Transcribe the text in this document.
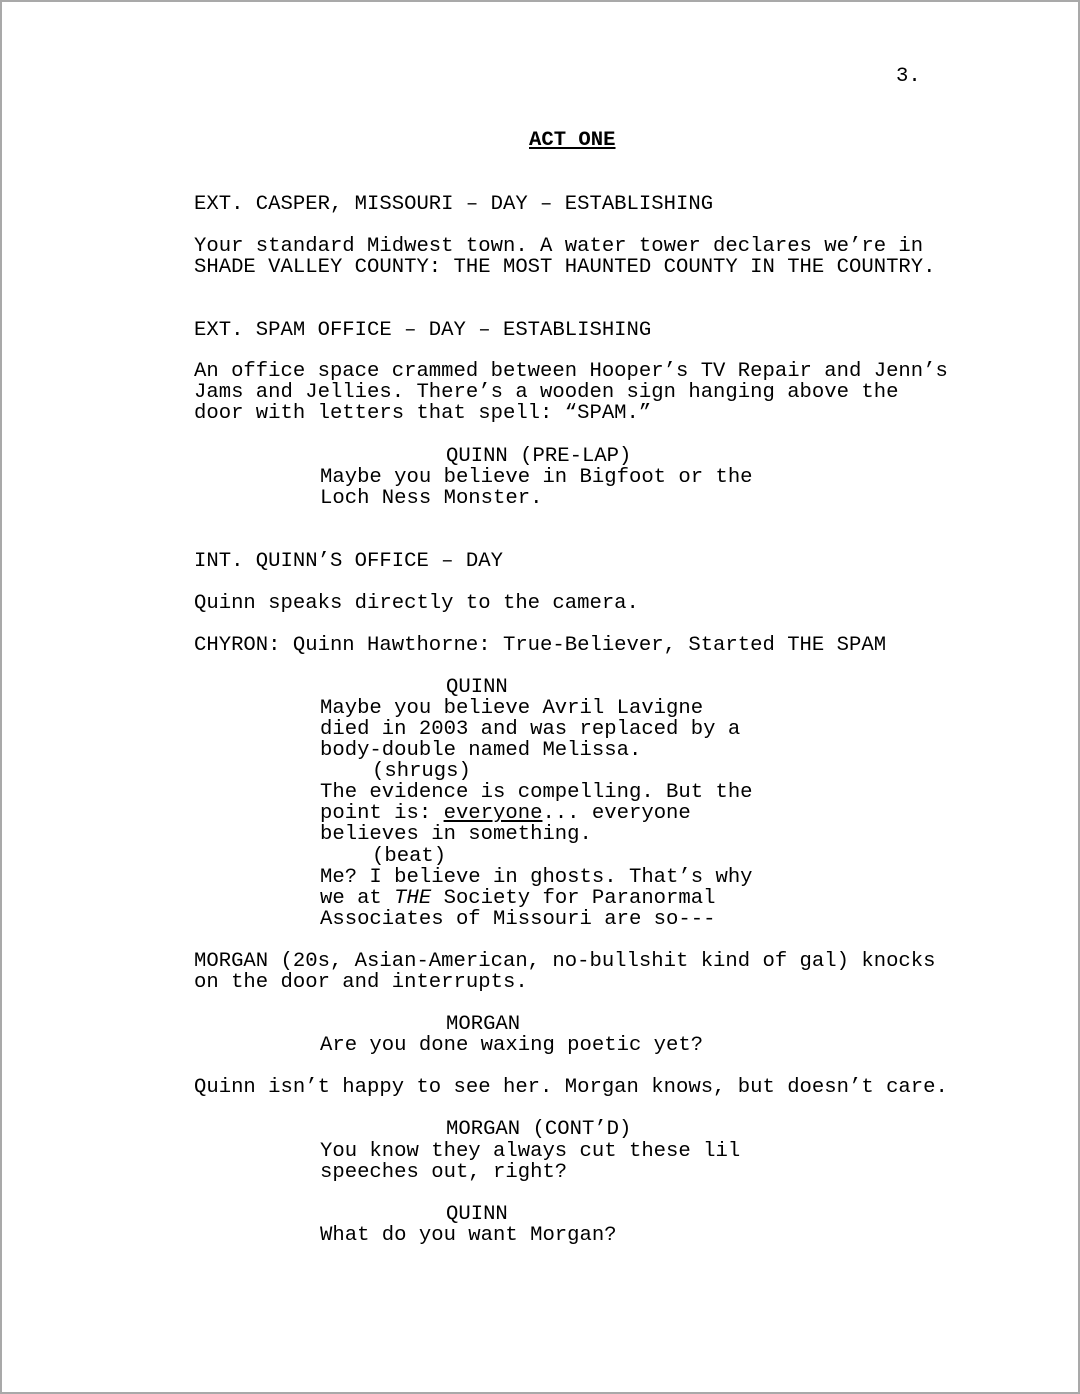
3.
ACT ONE
EXT. CASPER, MISSOURI – DAY – ESTABLISHING
Your standard Midwest town. A water tower declares we’re in
SHADE VALLEY COUNTY: THE MOST HAUNTED COUNTY IN THE COUNTRY.
EXT. SPAM OFFICE – DAY – ESTABLISHING
An office space crammed between Hooper’s TV Repair and Jenn’s
Jams and Jellies. There’s a wooden sign hanging above the
door with letters that spell: “SPAM.”
QUINN (PRE-LAP)
Maybe you believe in Bigfoot or the
Loch Ness Monster.
INT. QUINN’S OFFICE – DAY
Quinn speaks directly to the camera.
CHYRON: Quinn Hawthorne: True-Believer, Started THE SPAM
QUINN
Maybe you believe Avril Lavigne
died in 2003 and was replaced by a
body-double named Melissa.
(shrugs)
The evidence is compelling. But the
point is: everyone... everyone
believes in something.
(beat)
Me? I believe in ghosts. That’s why
we at THE Society for Paranormal
Associates of Missouri are so---
MORGAN (20s, Asian-American, no-bullshit kind of gal) knocks
on the door and interrupts.
MORGAN
Are you done waxing poetic yet?
Quinn isn’t happy to see her. Morgan knows, but doesn’t care.
MORGAN (CONT’D)
You know they always cut these lil
speeches out, right?
QUINN
What do you want Morgan?
